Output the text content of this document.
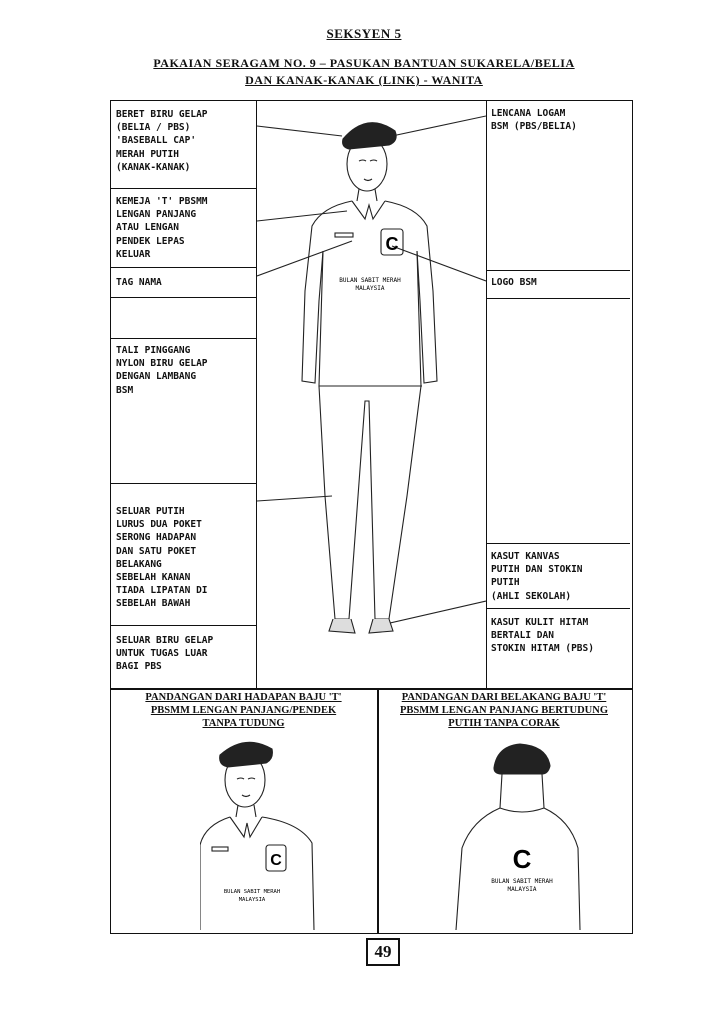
SEKSYEN 5
PAKAIAN SERAGAM NO. 9 – PASUKAN BANTUAN SUKARELA/BELIA
DAN KANAK-KANAK (LINK) - WANITA
BERET BIRU GELAP
(BELIA / PBS)
'BASEBALL CAP'
MERAH PUTIH
(KANAK-KANAK)
KEMEJA 'T' PBSMM
LENGAN PANJANG
ATAU LENGAN
PENDEK LEPAS
KELUAR
TAG NAMA
TALI PINGGANG
NYLON BIRU GELAP
DENGAN LAMBANG
BSM
SELUAR PUTIH
LURUS DUA POKET
SERONG HADAPAN
DAN SATU POKET
BELAKANG
SEBELAH KANAN
TIADA LIPATAN DI
SEBELAH BAWAH
SELUAR BIRU GELAP
UNTUK TUGAS LUAR
BAGI PBS
LENCANA LOGAM
BSM (PBS/BELIA)
LOGO BSM
KASUT KANVAS
PUTIH DAN STOKIN
PUTIH
(AHLI SEKOLAH)
KASUT KULIT HITAM
BERTALI DAN
STOKIN HITAM (PBS)
C
BULAN SABIT MERAH
MALAYSIA
PANDANGAN DARI HADAPAN BAJU 'T'
PBSMM LENGAN PANJANG/PENDEK
TANPA TUDUNG
PANDANGAN DARI BELAKANG BAJU 'T'
PBSMM LENGAN PANJANG BERTUDUNG
PUTIH TANPA CORAK
C
BULAN SABIT MERAH
MALAYSIA
C
BULAN SABIT MERAH
MALAYSIA
49
